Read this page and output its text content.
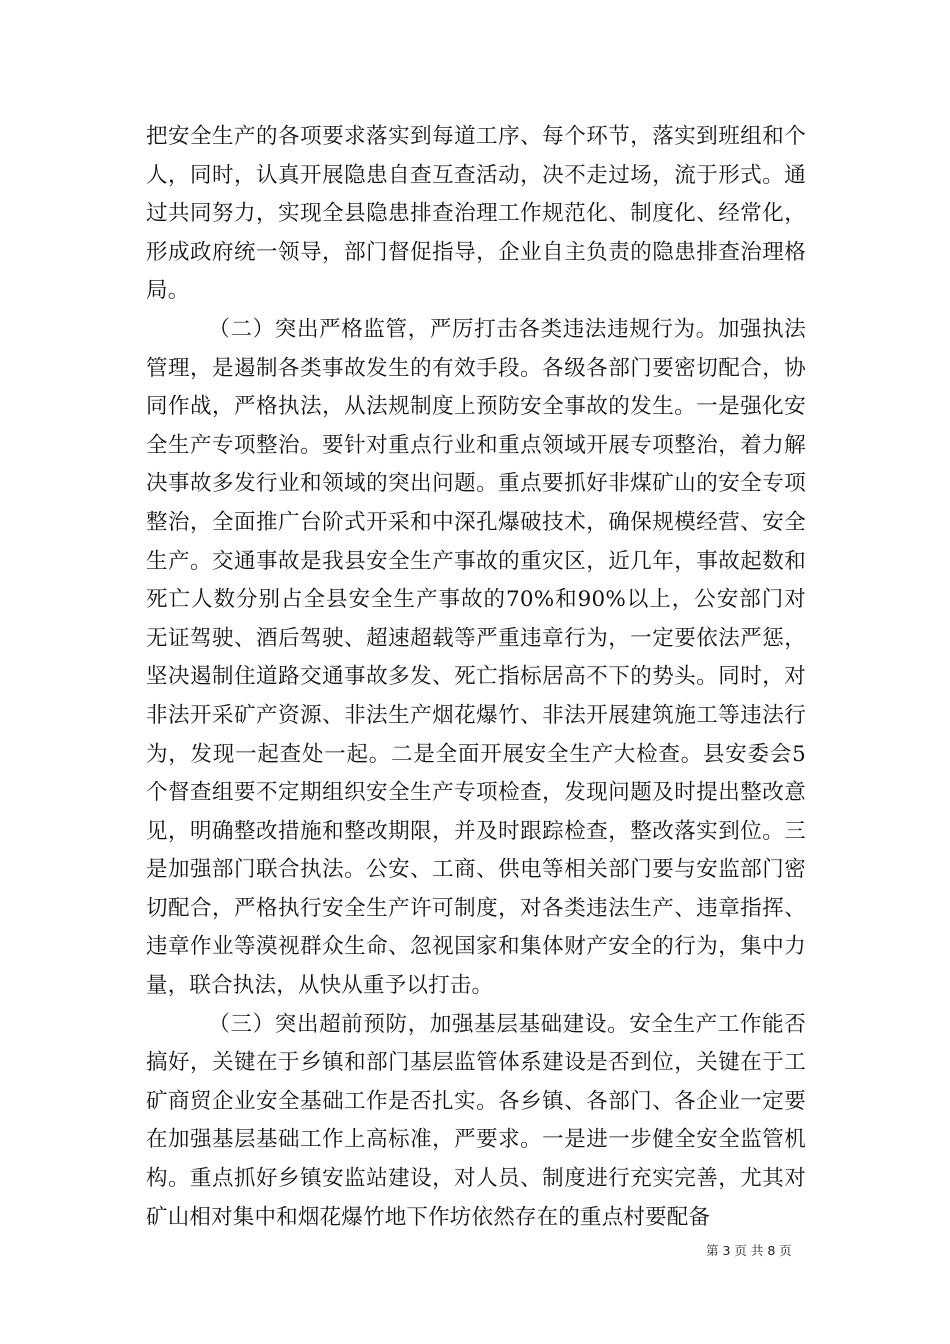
把安全生产的各项要求落实到每道工序、每个环节，落实到班组和个人，同时，认真开展隐患自查互查活动，决不走过场，流于形式。通过共同努力，实现全县隐患排查治理工作规范化、制度化、经常化，形成政府统一领导，部门督促指导，企业自主负责的隐患排查治理格局。

（二）突出严格监管，严厉打击各类违法违规行为。加强执法管理，是遏制各类事故发生的有效手段。各级各部门要密切配合，协同作战，严格执法，从法规制度上预防安全事故的发生。一是强化安全生产专项整治。要针对重点行业和重点领域开展专项整治，着力解决事故多发行业和领域的突出问题。重点要抓好非煤矿山的安全专项整治，全面推广台阶式开采和中深孔爆破技术，确保规模经营、安全生产。交通事故是我县安全生产事故的重灾区，近几年，事故起数和死亡人数分别占全县安全生产事故的70%和90%以上，公安部门对无证驾驶、酒后驾驶、超速超载等严重违章行为，一定要依法严惩，坚决遏制住道路交通事故多发、死亡指标居高不下的势头。同时，对非法开采矿产资源、非法生产烟花爆竹、非法开展建筑施工等违法行为，发现一起查处一起。二是全面开展安全生产大检查。县安委会5个督查组要不定期组织安全生产专项检查，发现问题及时提出整改意见，明确整改措施和整改期限，并及时跟踪检查，整改落实到位。三是加强部门联合执法。公安、工商、供电等相关部门要与安监部门密切配合，严格执行安全生产许可制度，对各类违法生产、违章指挥、违章作业等漠视群众生命、忽视国家和集体财产安全的行为，集中力量，联合执法，从快从重予以打击。

（三）突出超前预防，加强基层基础建设。安全生产工作能否搞好，关键在于乡镇和部门基层监管体系建设是否到位，关键在于工矿商贸企业安全基础工作是否扎实。各乡镇、各部门、各企业一定要在加强基层基础工作上高标准，严要求。一是进一步健全安全监管机构。重点抓好乡镇安监站建设，对人员、制度进行充实完善，尤其对矿山相对集中和烟花爆竹地下作坊依然存在的重点村要配备

第 3 页 共 8 页
